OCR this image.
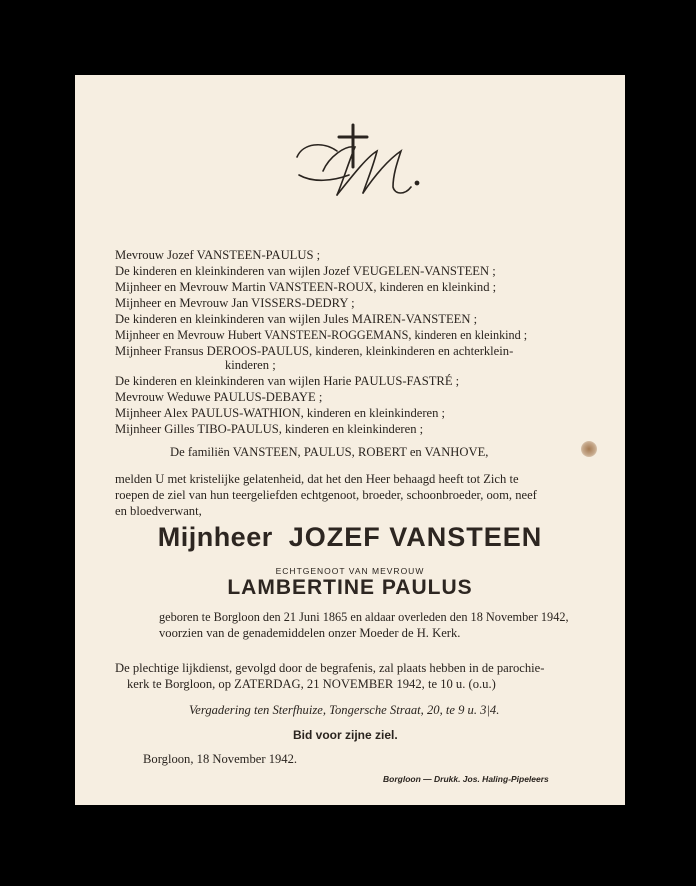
Mevrouw Jozef VANSTEEN-PAULUS ;
De kinderen en kleinkinderen van wijlen Jozef VEUGELEN-VANSTEEN ;
Mijnheer en Mevrouw Martin VANSTEEN-ROUX, kinderen en kleinkind ;
Mijnheer en Mevrouw Jan VISSERS-DEDRY ;
De kinderen en kleinkinderen van wijlen Jules MAIREN-VANSTEEN ;
Mijnheer en Mevrouw Hubert VANSTEEN-ROGGEMANS, kinderen en kleinkind ;
Mijnheer Fransus DEROOS-PAULUS, kinderen, kleinkinderen en achterklein-
kinderen ;
De kinderen en kleinkinderen van wijlen Harie PAULUS-FASTRÉ ;
Mevrouw Weduwe PAULUS-DEBAYE ;
Mijnheer Alex PAULUS-WATHION, kinderen en kleinkinderen ;
Mijnheer Gilles TIBO-PAULUS, kinderen en kleinkinderen ;
De familiën VANSTEEN, PAULUS, ROBERT en VANHOVE,
melden U met kristelijke gelatenheid, dat het den Heer behaagd heeft tot Zich te
roepen de ziel van hun teergeliefden echtgenoot, broeder, schoonbroeder, oom, neef
en bloedverwant,
Mijnheer JOZEF VANSTEEN
ECHTGENOOT VAN MEVROUW
LAMBERTINE PAULUS
geboren te Borgloon den 21 Juni 1865 en aldaar overleden den 18 November 1942,
voorzien van de genademiddelen onzer Moeder de H. Kerk.
De plechtige lijkdienst, gevolgd door de begrafenis, zal plaats hebben in de parochie-
kerk te Borgloon, op ZATERDAG, 21 NOVEMBER 1942, te 10 u. (o.u.)
Vergadering ten Sterfhuize, Tongersche Straat, 20, te 9 u. 3|4.
Bid voor zijne ziel.
Borgloon, 18 November 1942.
Borgloon — Drukk. Jos. Haling-Pipeleers
